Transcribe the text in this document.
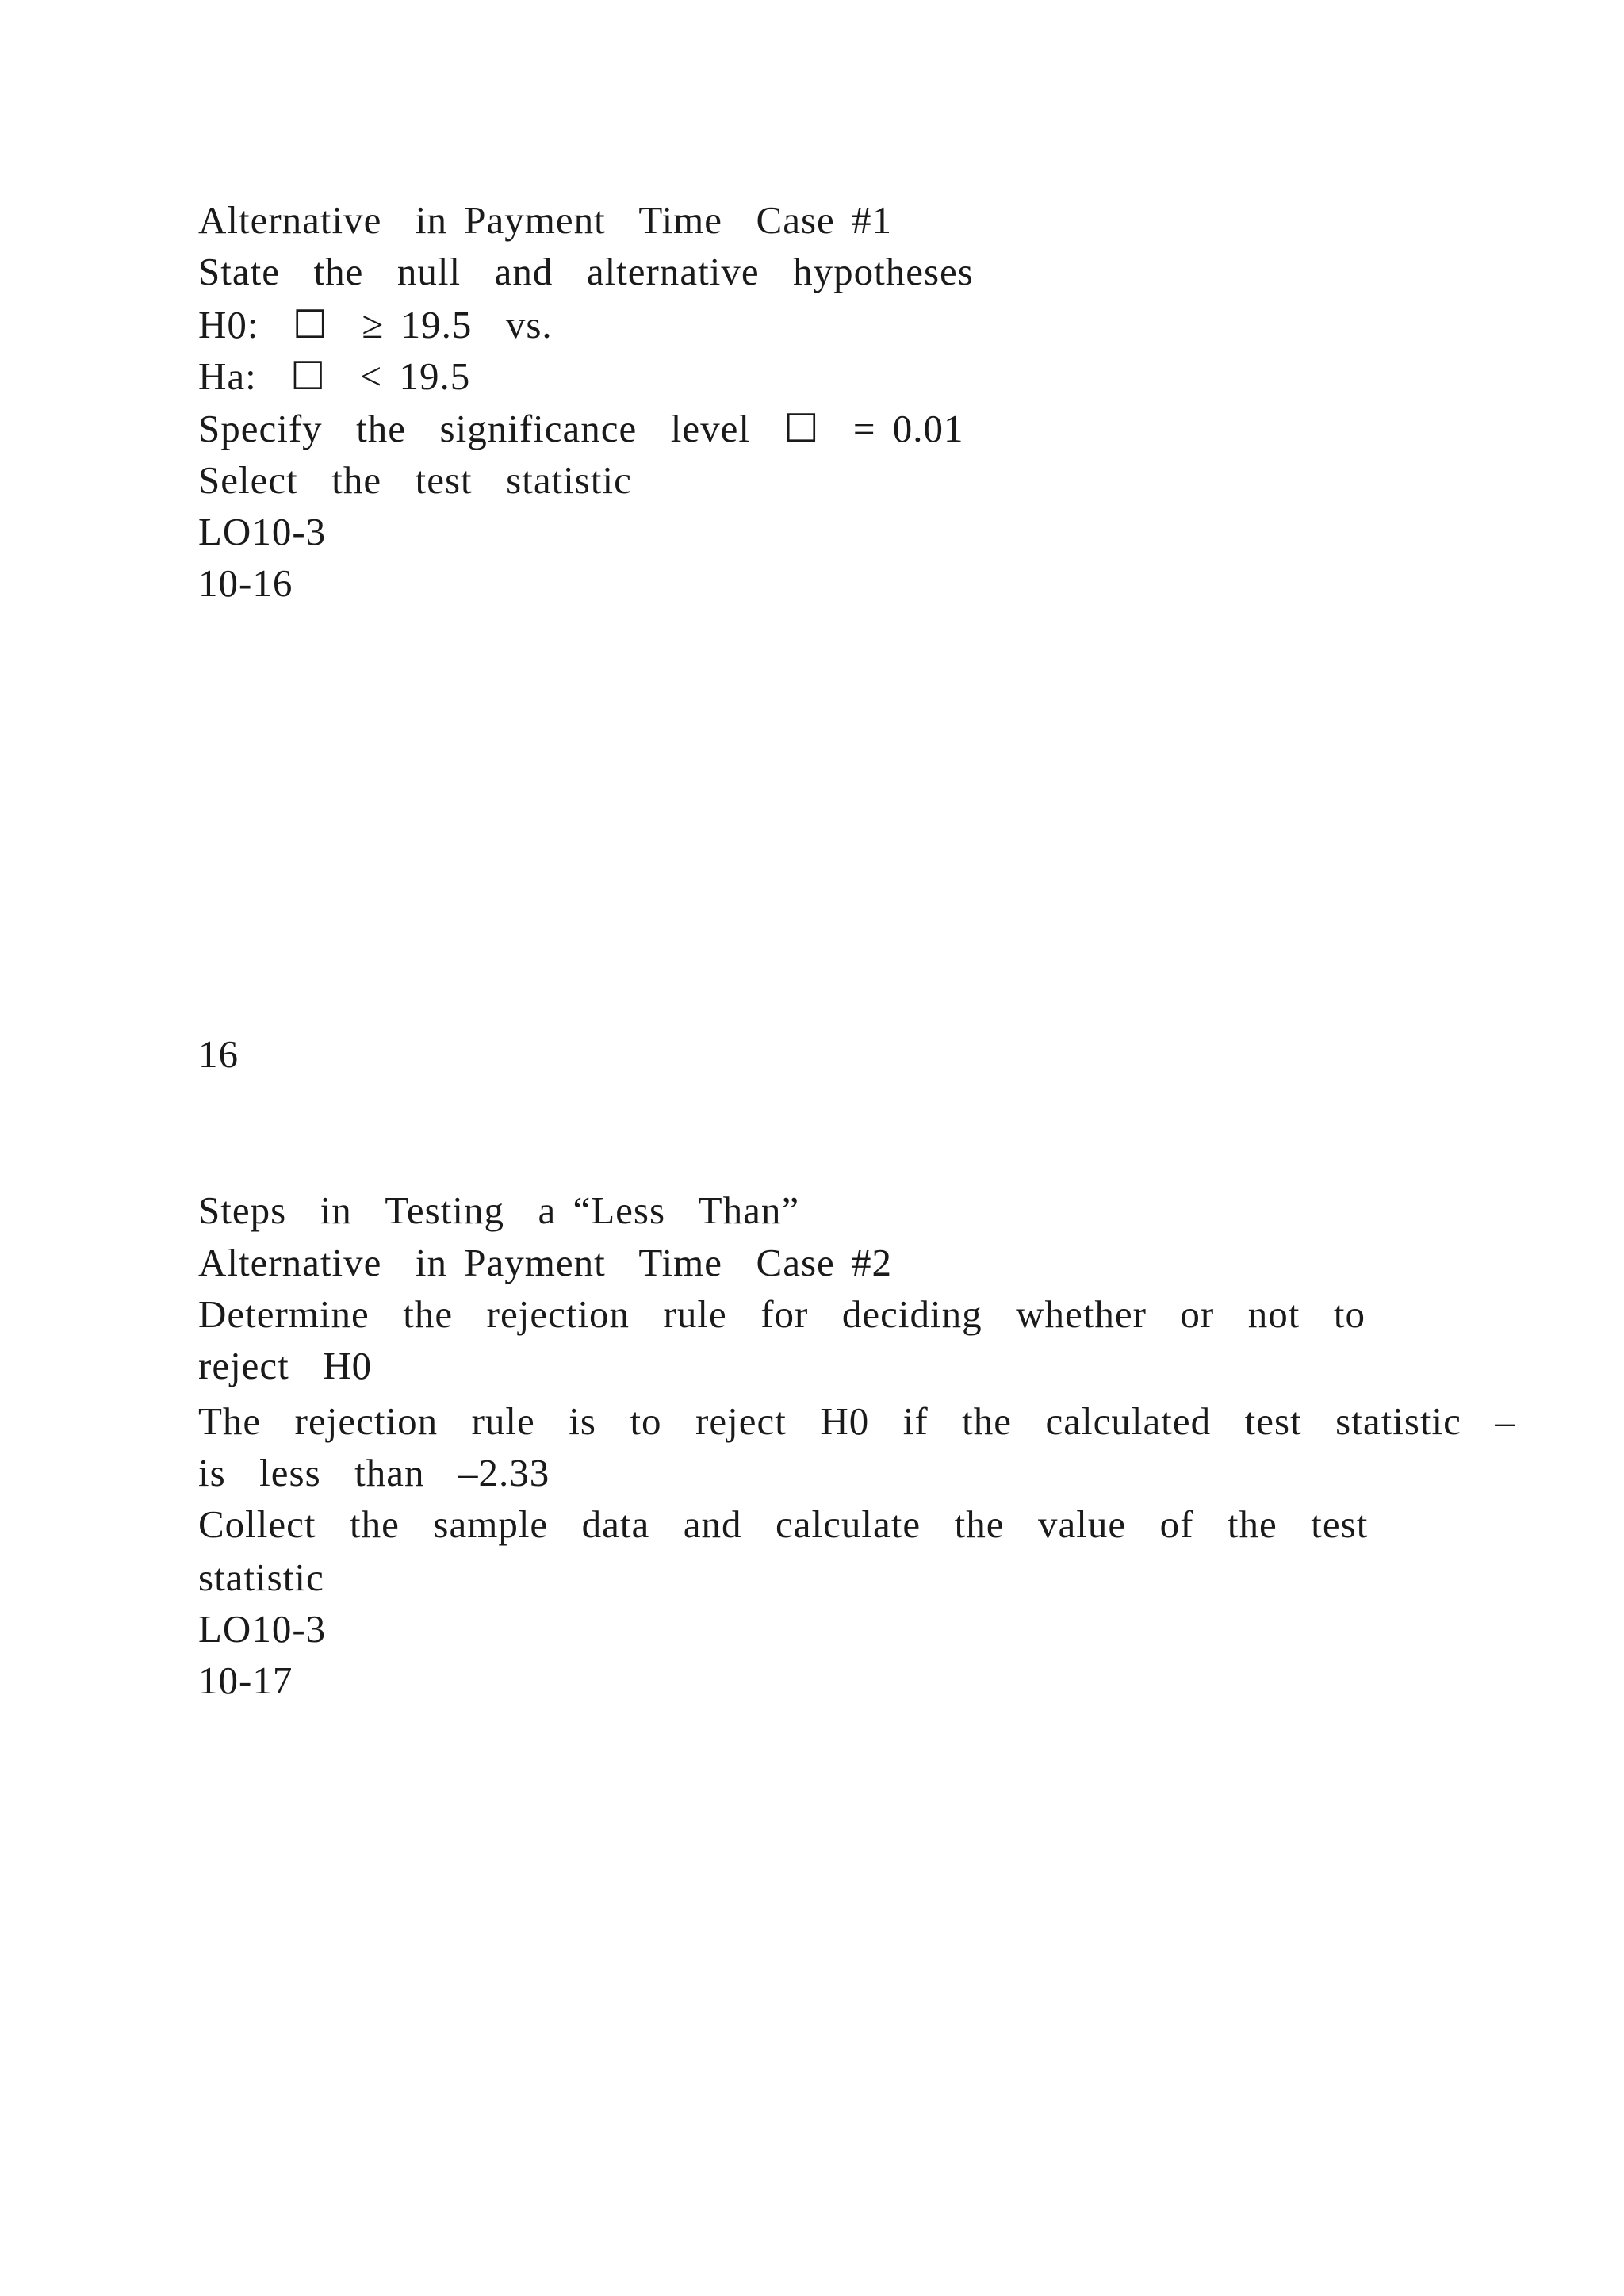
Alternative  in Payment  Time  Case #1

State  the  null  and  alternative  hypotheses

H0:  ☐  ≥ 19.5  vs.

Ha:  ☐  < 19.5

Specify  the  significance  level  ☐  = 0.01

Select  the  test  statistic

LO10-3

10-16

16

Steps  in  Testing  a “Less  Than”

Alternative  in Payment  Time  Case #2

Determine  the  rejection  rule  for  deciding  whether  or  not  to

reject  H0

The  rejection  rule  is  to  reject  H0  if  the  calculated  test  statistic  –

is  less  than  –2.33

Collect  the  sample  data  and  calculate  the  value  of  the  test

statistic

LO10-3

10-17
